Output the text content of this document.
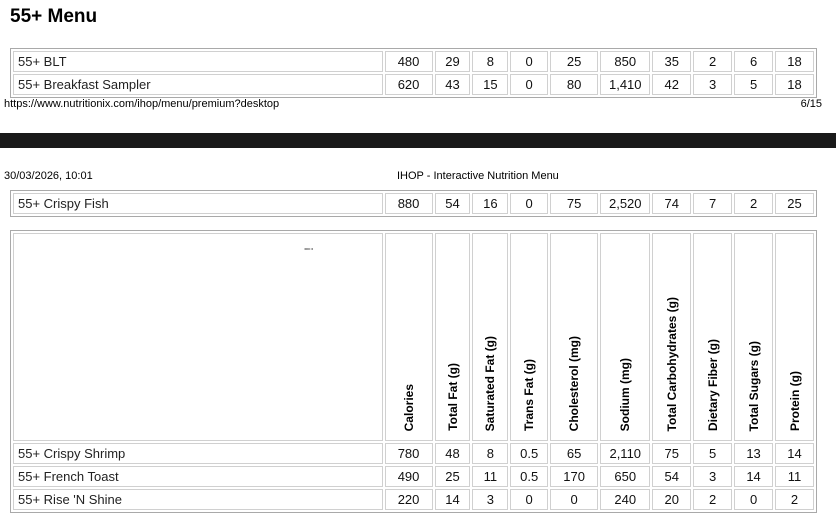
55+ Menu
55+ BLT	480	29	8	0	25	850	35	2	6	18
55+ Breakfast Sampler	620	43	15	0	80	1,410	42	3	5	18
https://www.nutritionix.com/ihop/menu/premium?desktop	6/15
30/03/2026, 10:01	IHOP - Interactive Nutrition Menu
55+ Crispy Fish	880	54	16	0	75	2,520	74	7	2	25
!	Calories	Total Fat (g)	Saturated Fat (g)	Trans Fat (g)	Cholesterol (mg)	Sodium (mg)	Total Carbohydrates (g)	Dietary Fiber (g)	Total Sugars (g)	Protein (g)
55+ Crispy Shrimp	780	48	8	0.5	65	2,110	75	5	13	14
55+ French Toast	490	25	11	0.5	170	650	54	3	14	11
55+ Rise 'N Shine	220	14	3	0	0	240	20	2	0	2
